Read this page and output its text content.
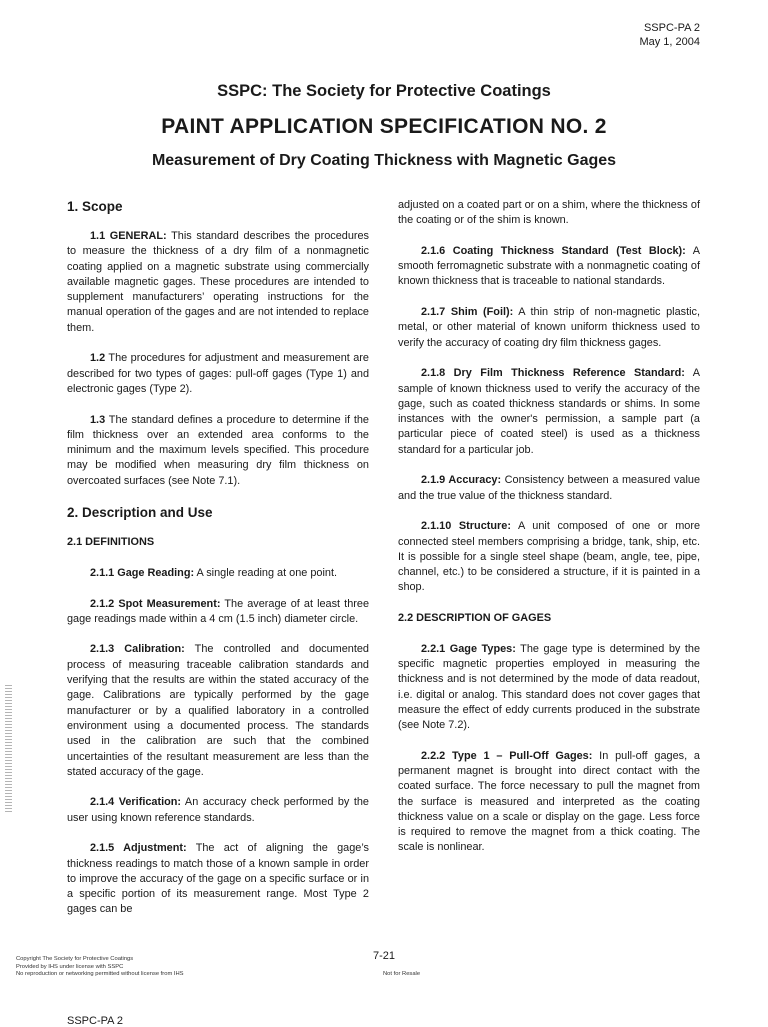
SSPC-PA 2
May 1, 2004
SSPC: The Society for Protective Coatings
PAINT APPLICATION SPECIFICATION NO. 2
Measurement of Dry Coating Thickness with Magnetic Gages
1. Scope

1.1 GENERAL: This standard describes the procedures to measure the thickness of a dry film of a nonmagnetic coating applied on a magnetic substrate using commercially available magnetic gages. These procedures are intended to supplement manufacturers’ operating instructions for the manual operation of the gages and are not intended to replace them.

1.2 The procedures for adjustment and measurement are described for two types of gages: pull-off gages (Type 1) and electronic gages (Type 2).

1.3 The standard defines a procedure to determine if the film thickness over an extended area conforms to the minimum and the maximum levels specified. This procedure may be modified when measuring dry film thickness on overcoated surfaces (see Note 7.1).

2. Description and Use
2.1 DEFINITIONS

2.1.1 Gage Reading: A single reading at one point.

2.1.2 Spot Measurement: The average of at least three gage readings made within a 4 cm (1.5 inch) diameter circle.

2.1.3 Calibration: The controlled and documented process of measuring traceable calibration standards and verifying that the results are within the stated accuracy of the gage. Calibrations are typically performed by the gage manufacturer or by a qualified laboratory in a controlled environment using a documented process. The standards used in the calibration are such that the combined uncertainties of the resultant measurement are less than the stated accuracy of the gage.

2.1.4 Verification: An accuracy check performed by the user using known reference standards.

2.1.5 Adjustment: The act of aligning the gage’s thickness readings to match those of a known sample in order to improve the accuracy of the gage on a specific surface or in a specific portion of its measurement range. Most Type 2 gages can be

adjusted on a coated part or on a shim, where the thickness of the coating or of the shim is known.

2.1.6 Coating Thickness Standard (Test Block): A smooth ferromagnetic substrate with a nonmagnetic coating of known thickness that is traceable to national standards.

2.1.7 Shim (Foil): A thin strip of non-magnetic plastic, metal, or other material of known uniform thickness used to verify the accuracy of coating dry film thickness gages.

2.1.8 Dry Film Thickness Reference Standard: A sample of known thickness used to verify the accuracy of the gage, such as coated thickness standards or shims. In some instances with the owner's permission, a sample part (a particular piece of coated steel) is used as a thickness standard for a particular job.

2.1.9 Accuracy: Consistency between a measured value and the true value of the thickness standard.

2.1.10 Structure: A unit composed of one or more connected steel members comprising a bridge, tank, ship, etc. It is possible for a single steel shape (beam, angle, tee, pipe, channel, etc.) to be considered a structure, if it is painted in a shop.

2.2 DESCRIPTION OF GAGES

2.2.1 Gage Types: The gage type is determined by the specific magnetic properties employed in measuring the thickness and is not determined by the mode of data readout, i.e. digital or analog. This standard does not cover gages that measure the effect of eddy currents produced in the substrate (see Note 7.2).

2.2.2 Type 1 – Pull-Off Gages: In pull-off gages, a permanent magnet is brought into direct contact with the coated surface. The force necessary to pull the magnet from the surface is measured and interpreted as the coating thickness value on a scale or display on the gage. Less force is required to remove the magnet from a thick coating. The scale is nonlinear.

7-21
Copyright The Society for Protective Coatings
Provided by IHS under license with SSPC
No reproduction or networking permitted without license from IHS	Not for Resale
SSPC-PA 2
